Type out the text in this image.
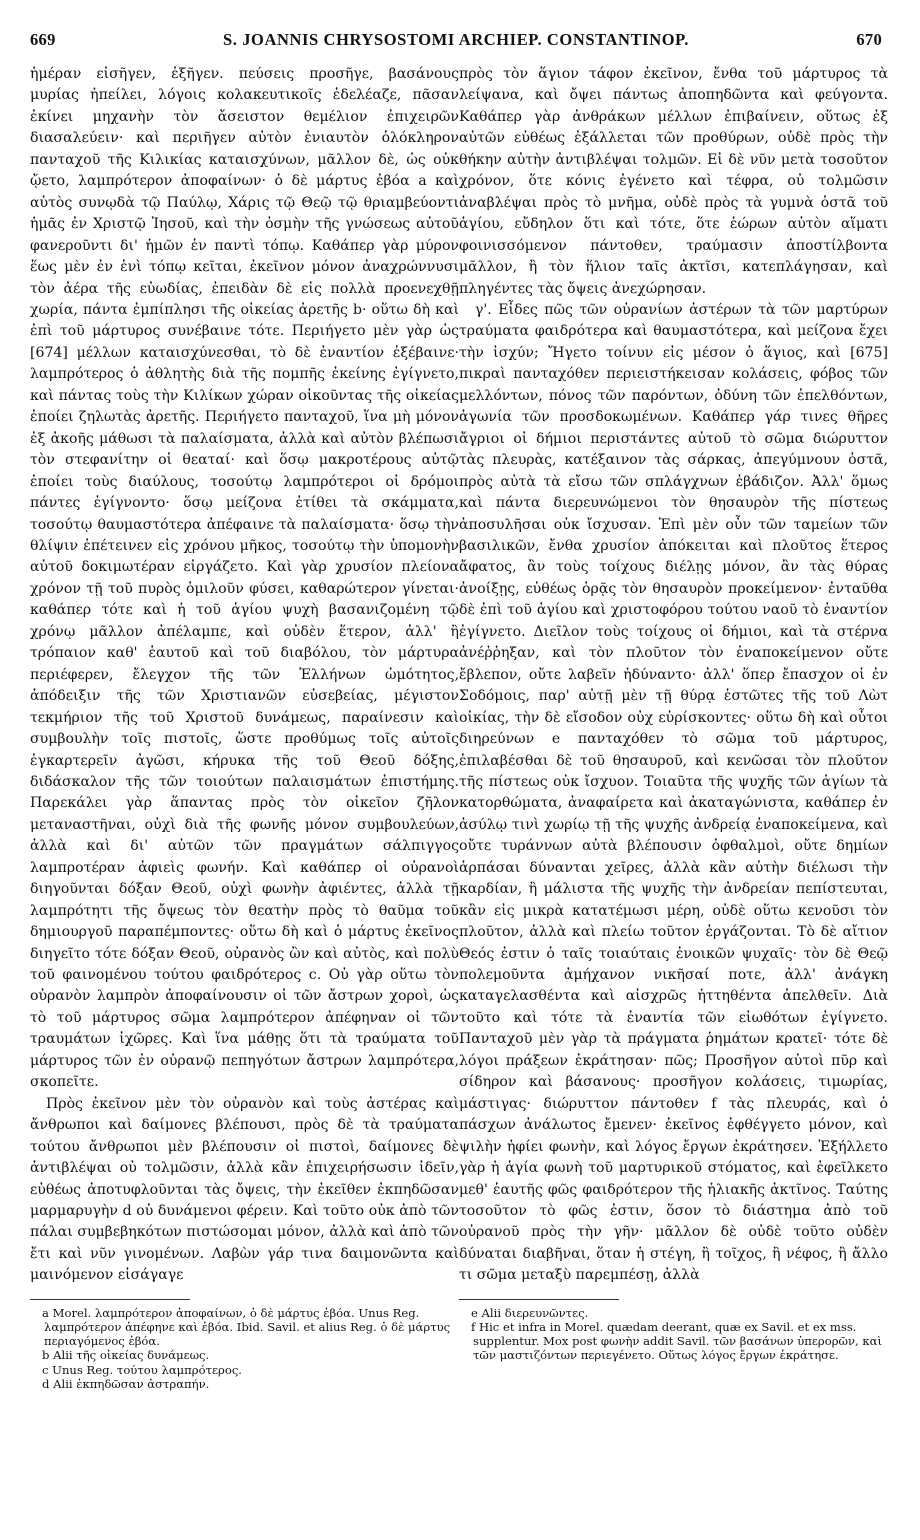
669	S. JOANNIS CHRYSOSTOMI ARCHIEP. CONSTANTINOP.	670

ἡμέραν εἰσῆγεν, ἐξῆγεν. πεύσεις προσῆγε, βασάνους μυρίας ἠπείλει, λόγοις κολακευτικοῖς ἐδελέαζε, πᾶσαν ἐκίνει μηχανὴν τὸν ἄσειστον θεμέλιον ἐπιχειρῶν διασαλεύειν· καὶ περιῆγεν αὐτὸν ἐνιαυτὸν ὁλόκληρον πανταχοῦ τῆς Κιλικίας καταισχύνων, μᾶλλον δὲ, ὡς οὐκ ᾤετο, λαμπρότερον ἀποφαίνων· ὁ δὲ μάρτυς ἐβόα a καὶ αὐτὸς συνῳδὰ τῷ Παύλῳ, Χάρις τῷ Θεῷ τῷ θριαμβεύοντι ἡμᾶς ἐν Χριστῷ Ἰησοῦ, καὶ τὴν ὀσμὴν τῆς γνώσεως αὐτοῦ φανεροῦντι δι' ἡμῶν ἐν παντὶ τόπῳ. Καθάπερ γὰρ μύρον ἕως μὲν ἐν ἑνὶ τόπῳ κεῖται, ἐκεῖνον μόνον ἀναχρώννυσι τὸν ἀέρα τῆς εὐωδίας, ἐπειδὰν δὲ εἰς πολλὰ προενεχθῇ χωρία, πάντα ἐμπίπλησι τῆς οἰκείας ἀρετῆς b· οὕτω δὴ καὶ ἐπὶ τοῦ μάρτυρος συνέβαινε τότε. Περιήγετο μὲν γὰρ ὡς [674] μέλλων καταισχύνεσθαι, τὸ δὲ ἐναντίον ἐξέβαινε· λαμπρότερος ὁ ἀθλητὴς διὰ τῆς πομπῆς ἐκείνης ἐγίγνετο, καὶ πάντας τοὺς τὴν Κιλίκων χώραν οἰκοῦντας τῆς οἰκείας ἐποίει ζηλωτὰς ἀρετῆς. Περιήγετο πανταχοῦ, ἵνα μὴ μόνον ἐξ ἀκοῆς μάθωσι τὰ παλαίσματα, ἀλλὰ καὶ αὐτὸν βλέπωσι τὸν στεφανίτην οἱ θεαταί· καὶ ὅσῳ μακροτέρους αὐτῷ ἐποίει τοὺς διαύλους, τοσούτῳ λαμπρότεροι οἱ δρόμοι πάντες ἐγίγνοντο· ὅσῳ μείζονα ἐτίθει τὰ σκάμματα, τοσούτῳ θαυμαστότερα ἀπέφαινε τὰ παλαίσματα· ὅσῳ τὴν θλίψιν ἐπέτεινεν εἰς χρόνου μῆκος, τοσούτῳ τὴν ὑπομονὴν αὐτοῦ δοκιμωτέραν εἰργάζετο. Καὶ γὰρ χρυσίον πλείονα χρόνον τῇ τοῦ πυρὸς ὁμιλοῦν φύσει, καθαρώτερον γίνεται· καθάπερ τότε καὶ ἡ τοῦ ἁγίου ψυχὴ βασανιζομένη τῷ χρόνῳ μᾶλλον ἀπέλαμπε, καὶ οὐδὲν ἕτερον, ἀλλ' ἢ τρόπαιον καθ' ἑαυτοῦ καὶ τοῦ διαβόλου, τὸν μάρτυρα περιέφερεν, ἔλεγχον τῆς τῶν Ἑλλήνων ὠμότητος, ἀπόδειξιν τῆς τῶν Χριστιανῶν εὐσεβείας, μέγιστον τεκμήριον τῆς τοῦ Χριστοῦ δυνάμεως, παραίνεσιν καὶ συμβουλὴν τοῖς πιστοῖς, ὥστε προθύμως τοῖς αὐτοῖς ἐγκαρτερεῖν ἀγῶσι, κήρυκα τῆς τοῦ Θεοῦ δόξης, διδάσκαλον τῆς τῶν τοιούτων παλαισμάτων ἐπιστήμης. Παρεκάλει γὰρ ἅπαντας πρὸς τὸν οἰκεῖον ζῆλον μεταναστῆναι, οὐχὶ διὰ τῆς φωνῆς μόνον συμβουλεύων, ἀλλὰ καὶ δι' αὐτῶν τῶν πραγμάτων σάλπιγγος λαμπροτέραν ἀφιεὶς φωνήν. Καὶ καθάπερ οἱ οὐρανοὶ διηγοῦνται δόξαν Θεοῦ, οὐχὶ φωνὴν ἀφιέντες, ἀλλὰ τῇ λαμπρότητι τῆς ὄψεως τὸν θεατὴν πρὸς τὸ θαῦμα τοῦ δημιουργοῦ παραπέμποντες· οὕτω δὴ καὶ ὁ μάρτυς ἐκεῖνος διηγεῖτο τότε δόξαν Θεοῦ, οὐρανὸς ὢν καὶ αὐτὸς, καὶ πολὺ τοῦ φαινομένου τούτου φαιδρότερος c. Οὐ γὰρ οὕτω τὸν οὐρανὸν λαμπρὸν ἀποφαίνουσιν οἱ τῶν ἄστρων χοροὶ, ὡς τὸ τοῦ μάρτυρος σῶμα λαμπρότερον ἀπέφηναν οἱ τῶν τραυμάτων ἰχῶρες. Καὶ ἵνα μάθῃς ὅτι τὰ τραύματα τοῦ μάρτυρος τῶν ἐν οὐρανῷ πεπηγότων ἄστρων λαμπρότερα, σκοπεῖτε.

Πρὸς ἐκεῖνον μὲν τὸν οὐρανὸν καὶ τοὺς ἀστέρας καὶ ἄνθρωποι καὶ δαίμονες βλέπουσι, πρὸς δὲ τὰ τραύματα τούτου ἄνθρωποι μὲν βλέπουσιν οἱ πιστοὶ, δαίμονες δὲ ἀντιβλέψαι οὐ τολμῶσιν, ἀλλὰ κἂν ἐπιχειρήσωσιν ἰδεῖν, εὐθέως ἀποτυφλοῦνται τὰς ὄψεις, τὴν ἐκεῖθεν ἐκπηδῶσαν μαρμαρυγὴν d οὐ δυνάμενοι φέρειν. Καὶ τοῦτο οὐκ ἀπὸ τῶν πάλαι συμβεβηκότων πιστώσομαι μόνον, ἀλλὰ καὶ ἀπὸ τῶν ἔτι καὶ νῦν γινομένων. Λαβὼν γάρ τινα δαιμονῶντα καὶ μαινόμενον εἰσάγαγε

a Morel. λαμπρότερον ἀποφαίνων, ὁ δὲ μάρτυς ἐβόα. Unus Reg. λαμπρότερον ἀπέφηνε καὶ ἐβόα. Ibid. Savil. et alius Reg. ὁ δὲ μάρτυς περιαγόμενος ἐβόα.

b Alii τῆς οἰκείας δυνάμεως.

c Unus Reg. τούτου λαμπρότερος.

d Alii ἐκπηδῶσαν ἀστραπήν.

πρὸς τὸν ἅγιον τάφον ἐκεῖνον, ἔνθα τοῦ μάρτυρος τὰ λείψανα, καὶ ὄψει πάντως ἀποπηδῶντα καὶ φεύγοντα. Καθάπερ γὰρ ἀνθράκων μέλλων ἐπιβαίνειν, οὕτως ἐξ αὐτῶν εὐθέως ἐξάλλεται τῶν προθύρων, οὐδὲ πρὸς τὴν θήκην αὐτὴν ἀντιβλέψαι τολμῶν. Εἰ δὲ νῦν μετὰ τοσοῦτον χρόνον, ὅτε κόνις ἐγένετο καὶ τέφρα, οὐ τολμῶσιν ἀναβλέψαι πρὸς τὸ μνῆμα, οὐδὲ πρὸς τὰ γυμνὰ ὀστᾶ τοῦ ἁγίου, εὔδηλον ὅτι καὶ τότε, ὅτε ἑώρων αὐτὸν αἵματι φοινισσόμενον πάντοθεν, τραύμασιν ἀποστίλβοντα μᾶλλον, ἢ τὸν ἥλιον ταῖς ἀκτῖσι, κατεπλάγησαν, καὶ πληγέντες τὰς ὄψεις ἀνεχώρησαν.

γ'. Εἶδες πῶς τῶν οὐρανίων ἀστέρων τὰ τῶν μαρτύρων τραύματα φαιδρότερα καὶ θαυμαστότερα, καὶ μείζονα ἔχει τὴν ἰσχύν; Ἤγετο τοίνυν εἰς μέσον ὁ ἅγιος, καὶ [675] πικραὶ πανταχόθεν περιειστήκεισαν κολάσεις, φόβος τῶν μελλόντων, πόνος τῶν παρόντων, ὀδύνη τῶν ἐπελθόντων, ἀγωνία τῶν προσδοκωμένων. Καθάπερ γάρ τινες θῆρες ἄγριοι οἱ δήμιοι περιστάντες αὐτοῦ τὸ σῶμα διώρυττον τὰς πλευρὰς, κατέξαινον τὰς σάρκας, ἀπεγύμνουν ὀστᾶ, πρὸς αὐτὰ τὰ εἴσω τῶν σπλάγχνων ἐβάδιζον. Ἀλλ' ὅμως καὶ πάντα διερευνώμενοι τὸν θησαυρὸν τῆς πίστεως ἀποσυλῆσαι οὐκ ἴσχυσαν. Ἐπὶ μὲν οὖν τῶν ταμείων τῶν βασιλικῶν, ἔνθα χρυσίον ἀπόκειται καὶ πλοῦτος ἕτερος ἄφατος, ἂν τοὺς τοίχους διέλῃς μόνον, ἂν τὰς θύρας ἀνοίξῃς, εὐθέως ὁρᾷς τὸν θησαυρὸν προκείμενον· ἐνταῦθα δὲ ἐπὶ τοῦ ἁγίου καὶ χριστοφόρου τούτου ναοῦ τὸ ἐναντίον ἐγίγνετο. Διεῖλον τοὺς τοίχους οἱ δήμιοι, καὶ τὰ στέρνα ἀνέῤῥηξαν, καὶ τὸν πλοῦτον τὸν ἐναποκείμενον οὔτε ἔβλεπον, οὔτε λαβεῖν ἠδύναντο· ἀλλ' ὅπερ ἔπασχον οἱ ἐν Σοδόμοις, παρ' αὐτῇ μὲν τῇ θύρᾳ ἑστῶτες τῆς τοῦ Λὼτ οἰκίας, τὴν δὲ εἴσοδον οὐχ εὑρίσκοντες· οὕτω δὴ καὶ οὗτοι διηρεύνων e πανταχόθεν τὸ σῶμα τοῦ μάρτυρος, ἐπιλαβέσθαι δὲ τοῦ θησαυροῦ, καὶ κενῶσαι τὸν πλοῦτον τῆς πίστεως οὐκ ἴσχυον. Τοιαῦτα τῆς ψυχῆς τῶν ἁγίων τὰ κατορθώματα, ἀναφαίρετα καὶ ἀκαταγώνιστα, καθάπερ ἐν ἀσύλῳ τινὶ χωρίῳ τῇ τῆς ψυχῆς ἀνδρείᾳ ἐναποκείμενα, καὶ οὔτε τυράννων αὐτὰ βλέπουσιν ὀφθαλμοὶ, οὔτε δημίων ἁρπάσαι δύνανται χεῖρες, ἀλλὰ κἂν αὐτὴν διέλωσι τὴν καρδίαν, ἢ μάλιστα τῆς ψυχῆς τὴν ἀνδρείαν πεπίστευται, κἂν εἰς μικρὰ κατατέμωσι μέρη, οὐδὲ οὕτω κενοῦσι τὸν πλοῦτον, ἀλλὰ καὶ πλείω τοῦτον ἐργάζονται. Τὸ δὲ αἴτιον Θεός ἐστιν ὁ ταῖς τοιαύταις ἐνοικῶν ψυχαῖς· τὸν δὲ Θεῷ πολεμοῦντα ἀμήχανον νικῆσαί ποτε, ἀλλ' ἀνάγκη καταγελασθέντα καὶ αἰσχρῶς ἡττηθέντα ἀπελθεῖν. Διὰ τοῦτο καὶ τότε τὰ ἐναντία τῶν εἰωθότων ἐγίγνετο. Πανταχοῦ μὲν γὰρ τὰ πράγματα ῥημάτων κρατεῖ· τότε δὲ λόγοι πράξεων ἐκράτησαν· πῶς; Προσῆγον αὐτοὶ πῦρ καὶ σίδηρον καὶ βάσανους· προσῆγον κολάσεις, τιμωρίας, μάστιγας· διώρυττον πάντοθεν f τὰς πλευράς, καὶ ὁ πάσχων ἀνάλωτος ἔμενεν· ἐκεῖνος ἐφθέγγετο μόνον, καὶ ψιλὴν ἠφίει φωνὴν, καὶ λόγος ἔργων ἐκράτησεν. Ἐξήλλετο γὰρ ἡ ἁγία φωνὴ τοῦ μαρτυρικοῦ στόματος, καὶ ἐφεῖλκετο μεθ' ἑαυτῆς φῶς φαιδρότερον τῆς ἡλιακῆς ἀκτῖνος. Ταύτης τοσοῦτον τὸ φῶς ἐστιν, ὅσον τὸ διάστημα ἀπὸ τοῦ οὐρανοῦ πρὸς τὴν γῆν· μᾶλλον δὲ οὐδὲ τοῦτο οὐδὲν δύναται διαβῆναι, ὅταν ἡ στέγη, ἢ τοῖχος, ἢ νέφος, ἢ ἄλλο τι σῶμα μεταξὺ παρεμπέσῃ, ἀλλὰ

e Alii διερευνῶντες.

f Hic et infra in Morel. quædam deerant, quæ ex Savil. et ex mss. supplentur. Mox post φωνὴν addit Savil. τῶν βασάνων ὑπερορῶν, καὶ τῶν μαστιζόντων περιεγένετο. Οὕτως λόγος ἔργων ἐκράτησε.
